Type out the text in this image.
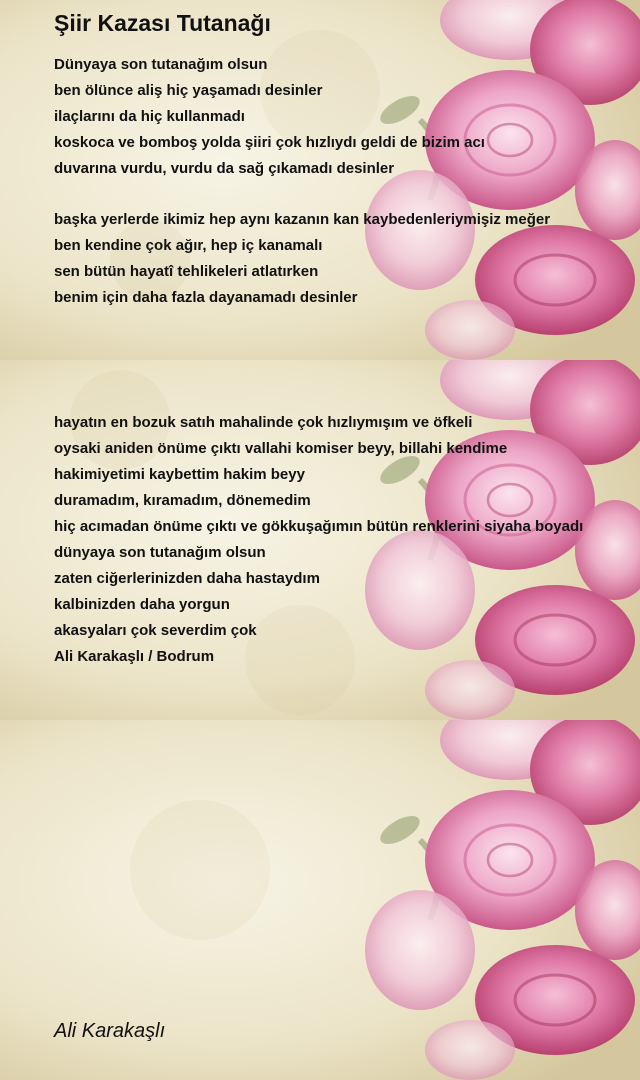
Şiir Kazası Tutanağı
Dünyaya son tutanağım olsun
ben ölünce aliş hiç yaşamadı desinler
ilaçlarını da hiç kullanmadı
koskoca ve bomboş yolda şiiri çok hızlıydı geldi de bizim acı
duvarına vurdu, vurdu da sağ çıkamadı desinler
başka yerlerde ikimiz hep aynı kazanın kan kaybedenleriymişiz meğer
ben kendine çok ağır, hep iç kanamalı
sen bütün hayatî tehlikeleri atlatırken
benim için daha fazla dayanamadı desinler
hayatın en bozuk satıh mahalinde çok hızlıymışım ve öfkeli
oysaki aniden önüme çıktı vallahi komiser beyy, billahi kendime
hakimiyetimi kaybettim hakim beyy
duramadım, kıramadım, dönemedim
hiç acımadan önüme çıktı ve gökkuşağımın bütün renklerini siyaha boyadı
dünyaya son tutanağım olsun
zaten ciğerlerinizden daha hastaydım
kalbinizden daha yorgun
akasyaları çok severdim çok
Ali Karakaşlı / Bodrum
Ali Karakaşlı
